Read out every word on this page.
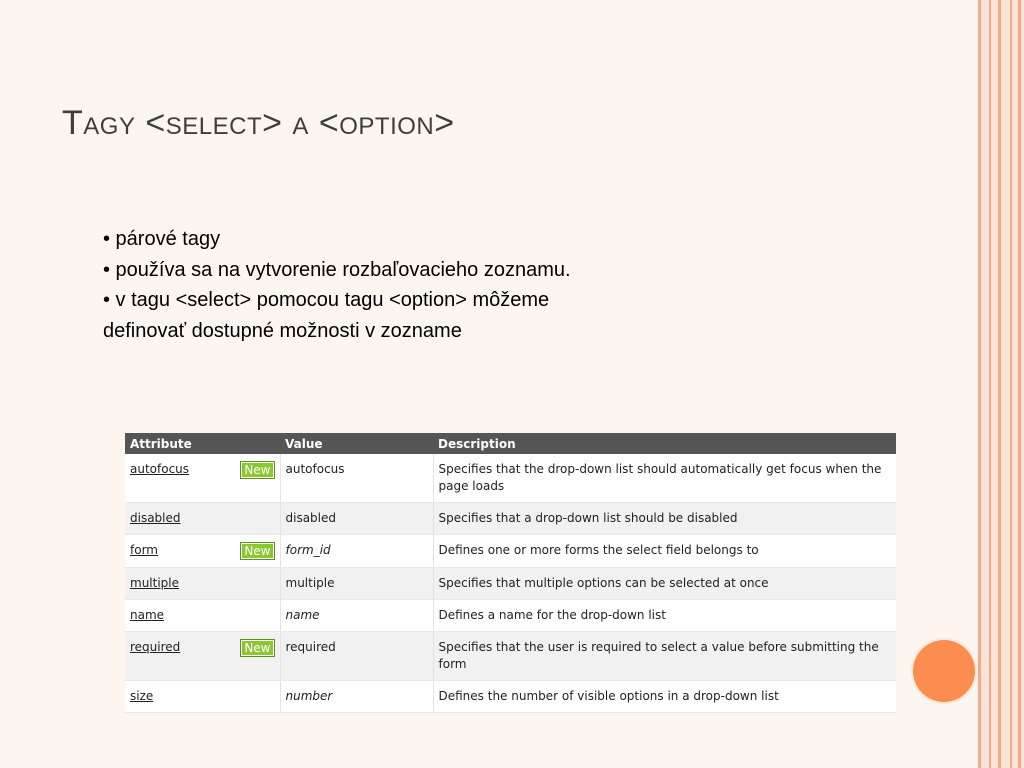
Tagy <select> a <option>
• párové tagy
• používa sa na vytvorenie rozbaľovacieho zoznamu.
• v tagu <select> pomocou tagu <option> môžeme
definovať dostupné možnosti v zozname
Attribute	Value	Description

New
autofocus	autofocus	Specifies that the drop-down list should automatically get focus when the page loads
disabled	disabled	Specifies that a drop-down list should be disabled

New
form	form_id	Defines one or more forms the select field belongs to
multiple	multiple	Specifies that multiple options can be selected at once
name	name	Defines a name for the drop-down list

New
required	required	Specifies that the user is required to select a value before submitting the form
size	number	Defines the number of visible options in a drop-down list
